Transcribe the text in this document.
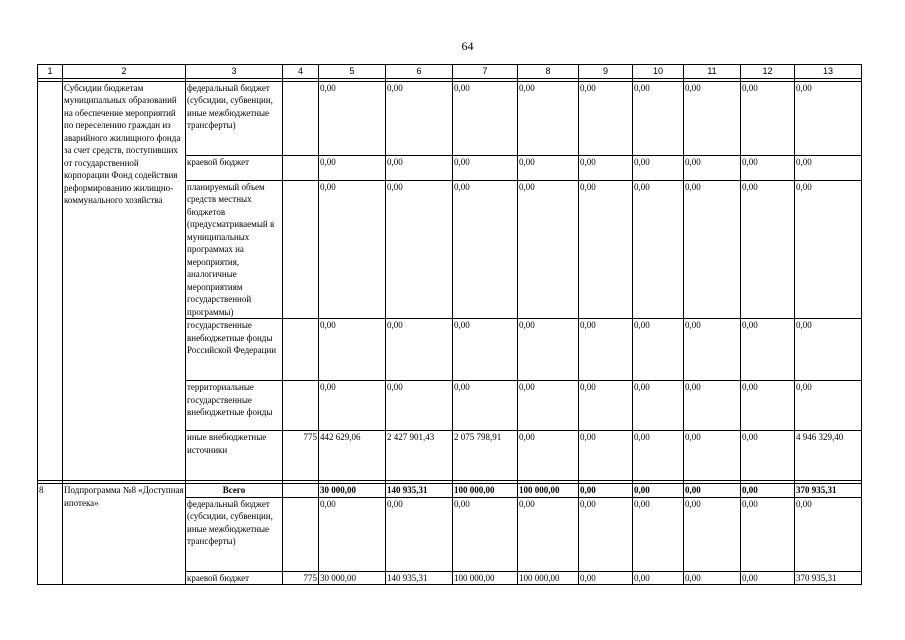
64
1	2	3	4	5	6	7	8	9	10	11	12	13

	Субсидии бюджетам муниципальных образований на обеспечение мероприятий по переселению граждан из аварийного жилищного фонда за счет средств, поступивших от государственной корпорации Фонд содействия реформированию жилищно-коммунального хозяйства	федеральный бюджет (субсидии, субвенции, иные межбюджетные трансферты)		0,00	0,00	0,00	0,00	0,00	0,00	0,00	0,00	0,00
		краевой бюджет		0,00	0,00	0,00	0,00	0,00	0,00	0,00	0,00	0,00
		планируемый объем средств местных бюджетов (предусматриваемый в муниципальных программах на мероприятия, аналогичные мероприятиям государственной программы)		0,00	0,00	0,00	0,00	0,00	0,00	0,00	0,00	0,00
		государственные внебюджетные фонды Российской Федерации		0,00	0,00	0,00	0,00	0,00	0,00	0,00	0,00	0,00
		территориальные государственные внебюджетные фонды		0,00	0,00	0,00	0,00	0,00	0,00	0,00	0,00	0,00
		иные внебюджетные источники	775	442 629,06	2 427 901,43	2 075 798,91	0,00	0,00	0,00	0,00	0,00	4 946 329,40

8	Подпрограмма №8 «Доступная ипотека»	Всего		30 000,00	140 935,31	100 000,00	100 000,00	0,00	0,00	0,00	0,00	370 935,31
		федеральный бюджет (субсидии, субвенции, иные межбюджетные трансферты)		0,00	0,00	0,00	0,00	0,00	0,00	0,00	0,00	0,00
		краевой бюджет	775	30 000,00	140 935,31	100 000,00	100 000,00	0,00	0,00	0,00	0,00	370 935,31
